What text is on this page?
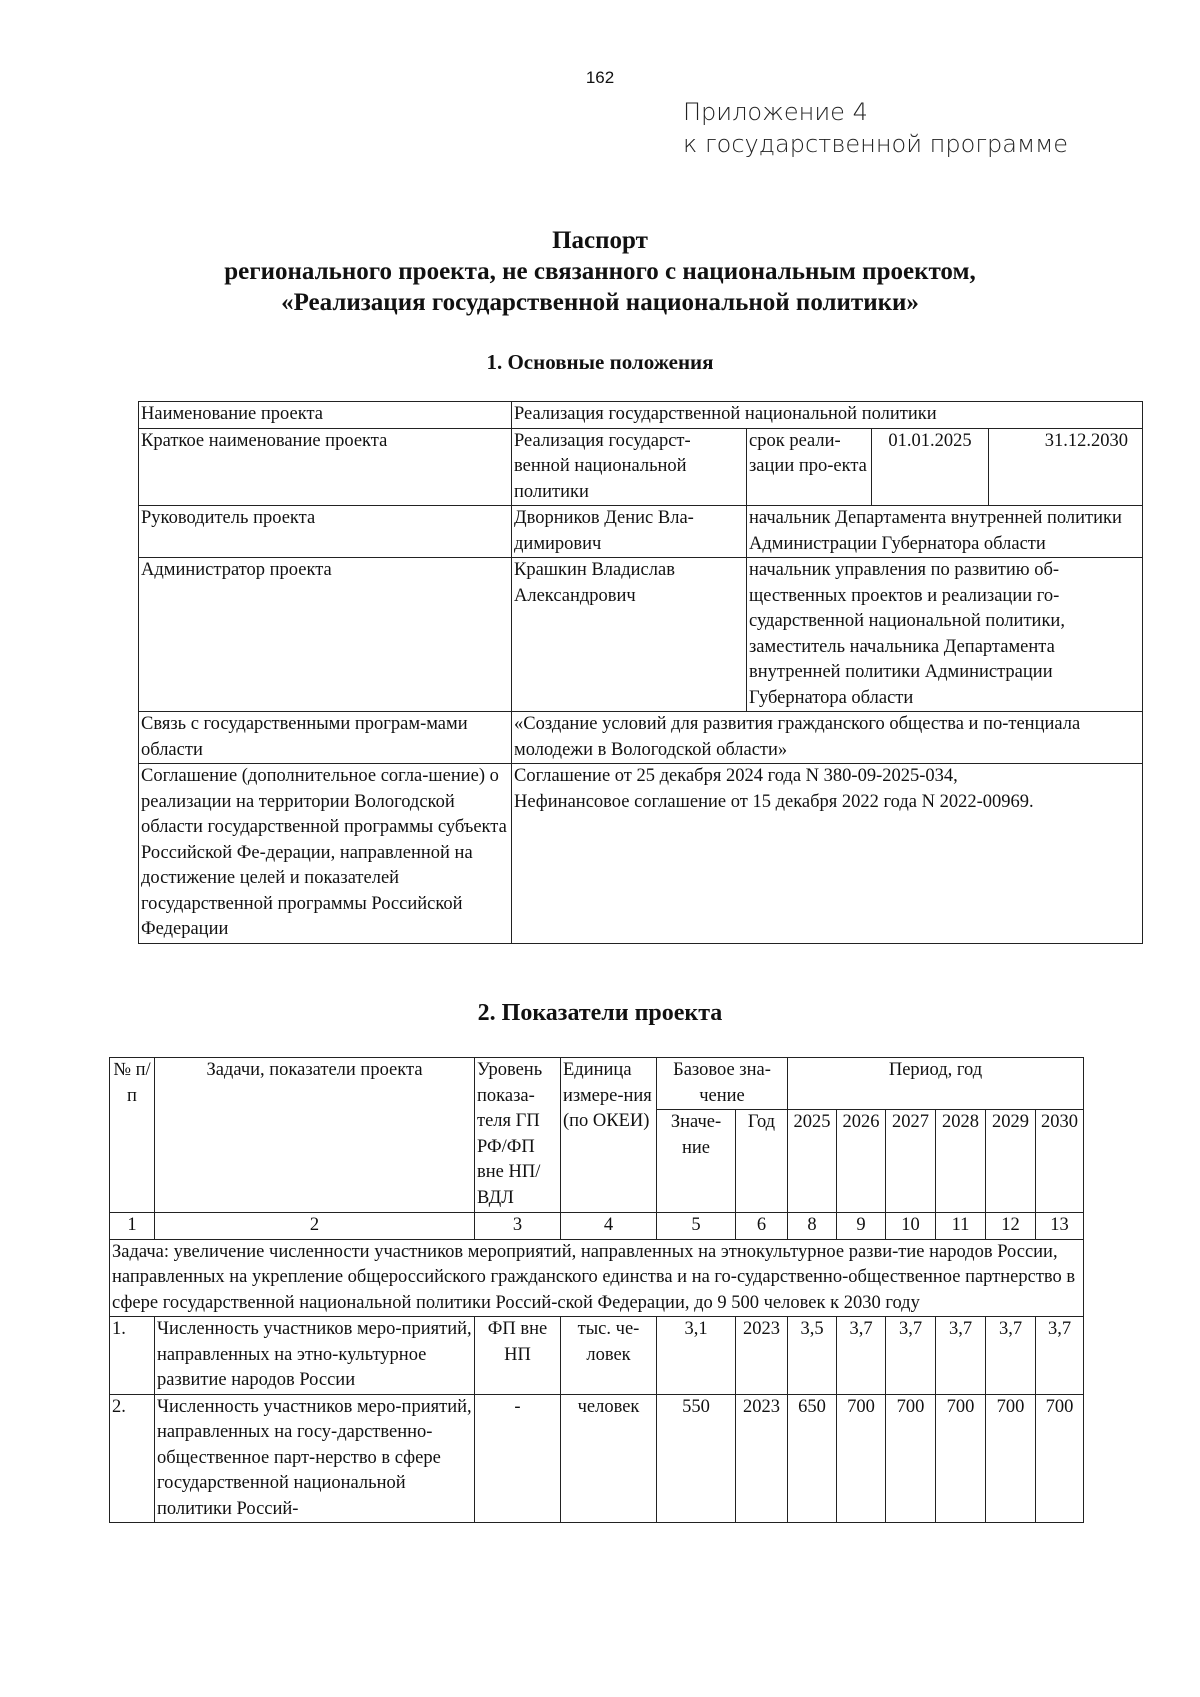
162
Приложение 4
к государственной программе
Паспорт
регионального проекта, не связанного с национальным проектом,
«Реализация государственной национальной политики»
1. Основные положения
Наименование проекта	Реализация государственной национальной политики			
Краткое наименование проекта	Реализация государст-венной национальной политики	срок реали-зации про-екта	01.01.2025	31.12.2030
Руководитель проекта	Дворников Денис Вла-димирович	начальник Департамента внутренней политики Администрации Губернатора области		
Администратор проекта	Крашкин Владислав Александрович	начальник управления по развитию об-щественных проектов и реализации го-сударственной национальной политики, заместитель начальника Департамента внутренней политики Администрации Губернатора области		
Связь с государственными програм-мами области	«Создание условий для развития гражданского общества и по-тенциала молодежи в Вологодской области»			
Соглашение (дополнительное согла-шение) о реализации на территории Вологодской области государственной программы субъекта Российской Фе-дерации, направленной на достижение целей и показателей государственной программы Российской Федерации	Соглашение от 25 декабря 2024 года N 380-09-2025-034,
Нефинансовое соглашение от 15 декабря 2022 года N 2022-00969.			
2. Показатели проекта
№ п/п	Задачи, показатели проекта	Уровень показа-теля ГП РФ/ФП вне НП/ВДЛ	Единица измере-ния (по ОКЕИ)	Базовое зна-чение		Период, год					
				Значе-ние	Год	2025	2026	2027	2028	2029	2030
1	2	3	4	5	6	8	9	10	11	12	13
Задача: увеличение численности участников мероприятий, направленных на этнокультурное разви-тие народов России, направленных на укрепление общероссийского гражданского единства и на го-сударственно-общественное партнерство в сфере государственной национальной политики Россий-ской Федерации, до 9 500 человек к 2030 году											
1.	Численность участников меро-приятий, направленных на этно-культурное развитие народов России	ФП вне НП	тыс. че-ловек	3,1	2023	3,5	3,7	3,7	3,7	3,7	3,7
2.	Численность участников меро-приятий, направленных на госу-дарственно-общественное парт-нерство в сфере государственной национальной политики Россий-	-	человек	550	2023	650	700	700	700	700	700
